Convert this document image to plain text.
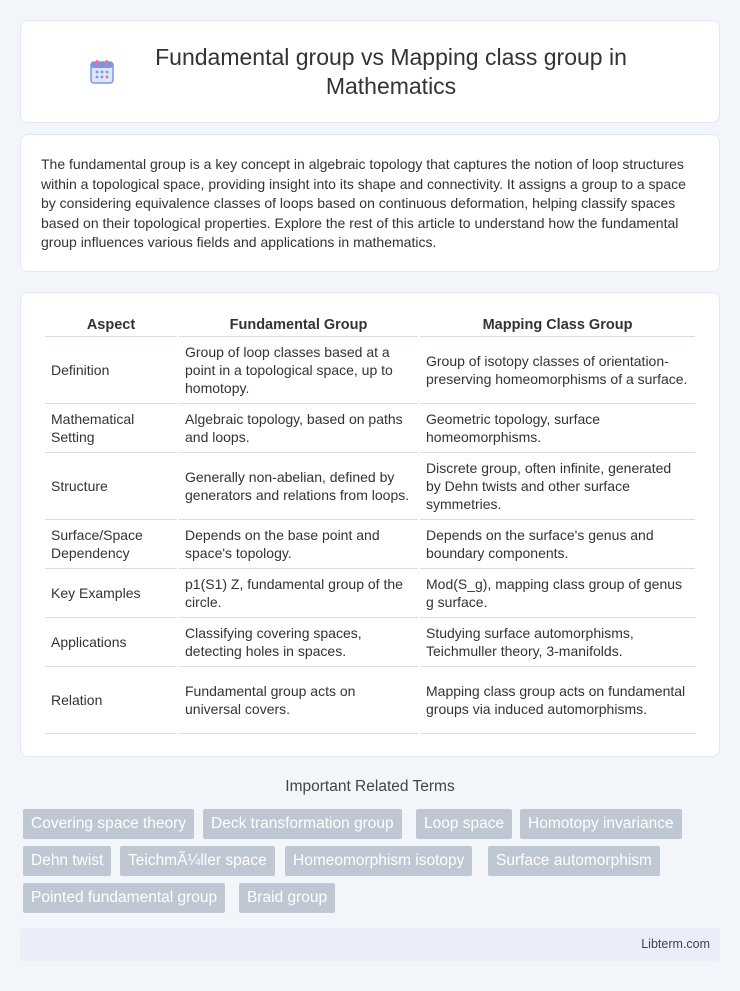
Fundamental group vs Mapping class group in Mathematics

The fundamental group is a key concept in algebraic topology that captures the notion of loop structures within a topological space, providing insight into its shape and connectivity. It assigns a group to a space by considering equivalence classes of loops based on continuous deformation, helping classify spaces based on their topological properties. Explore the rest of this article to understand how the fundamental group influences various fields and applications in mathematics.

Aspect	Fundamental Group	Mapping Class Group
Definition	Group of loop classes based at a point in a topological space, up to homotopy.	Group of isotopy classes of orientation-preserving homeomorphisms of a surface.
Mathematical Setting	Algebraic topology, based on paths and loops.	Geometric topology, surface homeomorphisms.
Structure	Generally non-abelian, defined by generators and relations from loops.	Discrete group, often infinite, generated by Dehn twists and other surface symmetries.
Surface/Space Dependency	Depends on the base point and space's topology.	Depends on the surface's genus and boundary components.
Key Examples	p1(S1) Z, fundamental group of the circle.	Mod(S_g), mapping class group of genus g surface.
Applications	Classifying covering spaces, detecting holes in spaces.	Studying surface automorphisms, Teichmuller theory, 3-manifolds.
Relation	Fundamental group acts on universal covers.	Mapping class group acts on fundamental groups via induced automorphisms.
Important Related Terms
Covering space theory	Deck transformation group	Loop space	Homotopy invariance
Dehn twist	TeichmÃ¼ller space	Homeomorphism isotopy	Surface automorphism
Pointed fundamental group	Braid group
Libterm.com
